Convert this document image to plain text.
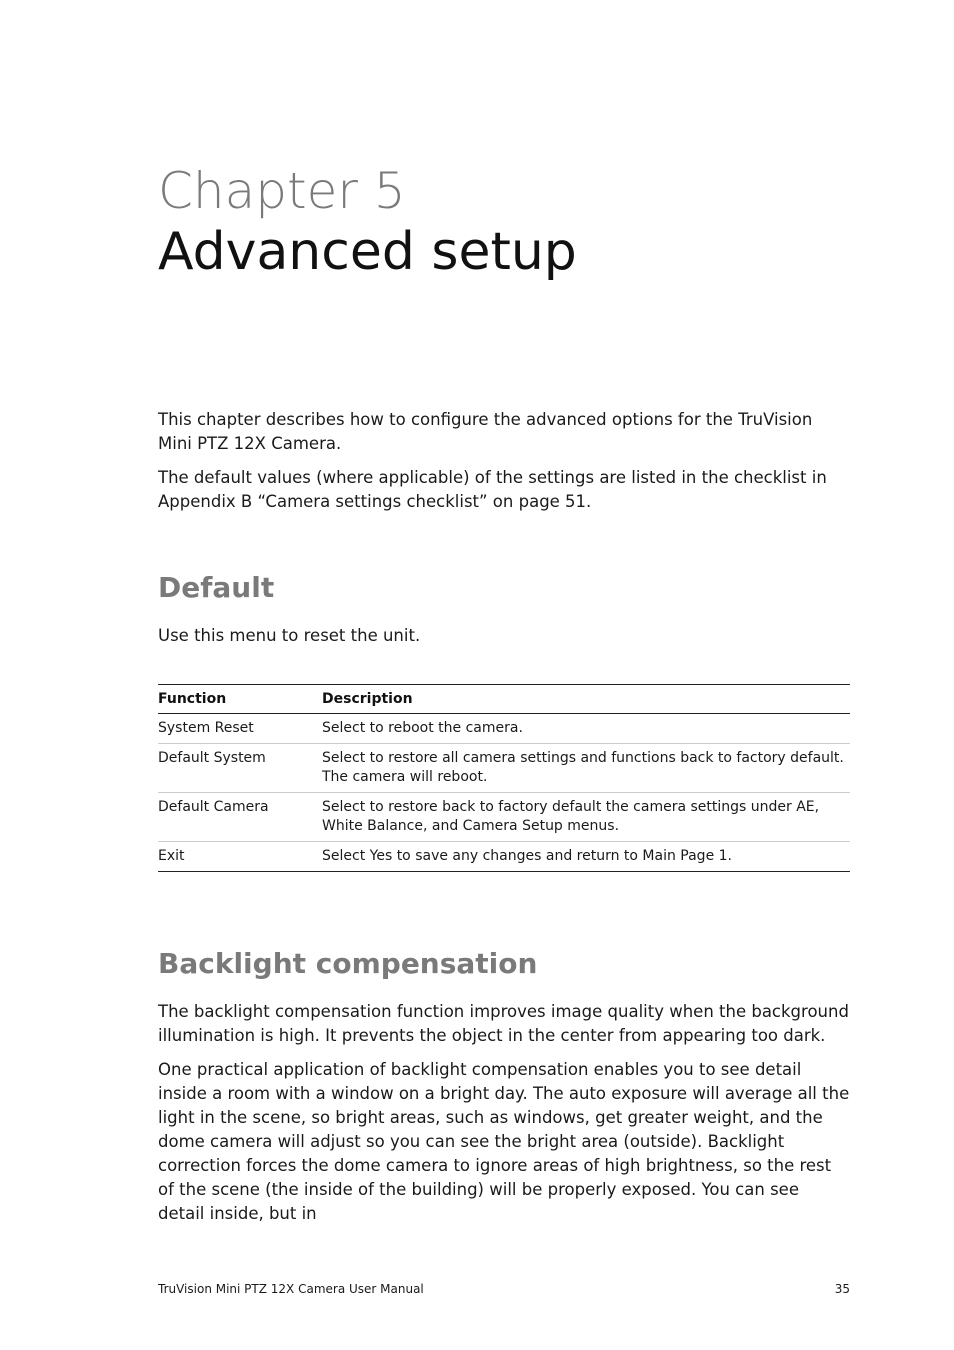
Chapter 5
Advanced setup

This chapter describes how to configure the advanced options for the TruVision Mini PTZ 12X Camera.

The default values (where applicable) of the settings are listed in the checklist in Appendix B “Camera settings checklist” on page 51.

Default

Use this menu to reset the unit.

Function	Description
System Reset	Select to reboot the camera.
Default System	Select to restore all camera settings and functions back to factory default. The camera will reboot.
Default Camera	Select to restore back to factory default the camera settings under AE, White Balance, and Camera Setup menus.
Exit	Select Yes to save any changes and return to Main Page 1.
Backlight compensation

The backlight compensation function improves image quality when the background illumination is high. It prevents the object in the center from appearing too dark.

One practical application of backlight compensation enables you to see detail inside a room with a window on a bright day. The auto exposure will average all the light in the scene, so bright areas, such as windows, get greater weight, and the dome camera will adjust so you can see the bright area (outside). Backlight correction forces the dome camera to ignore areas of high brightness, so the rest of the scene (the inside of the building) will be properly exposed. You can see detail inside, but in

TruVision Mini PTZ 12X Camera User Manual	35
